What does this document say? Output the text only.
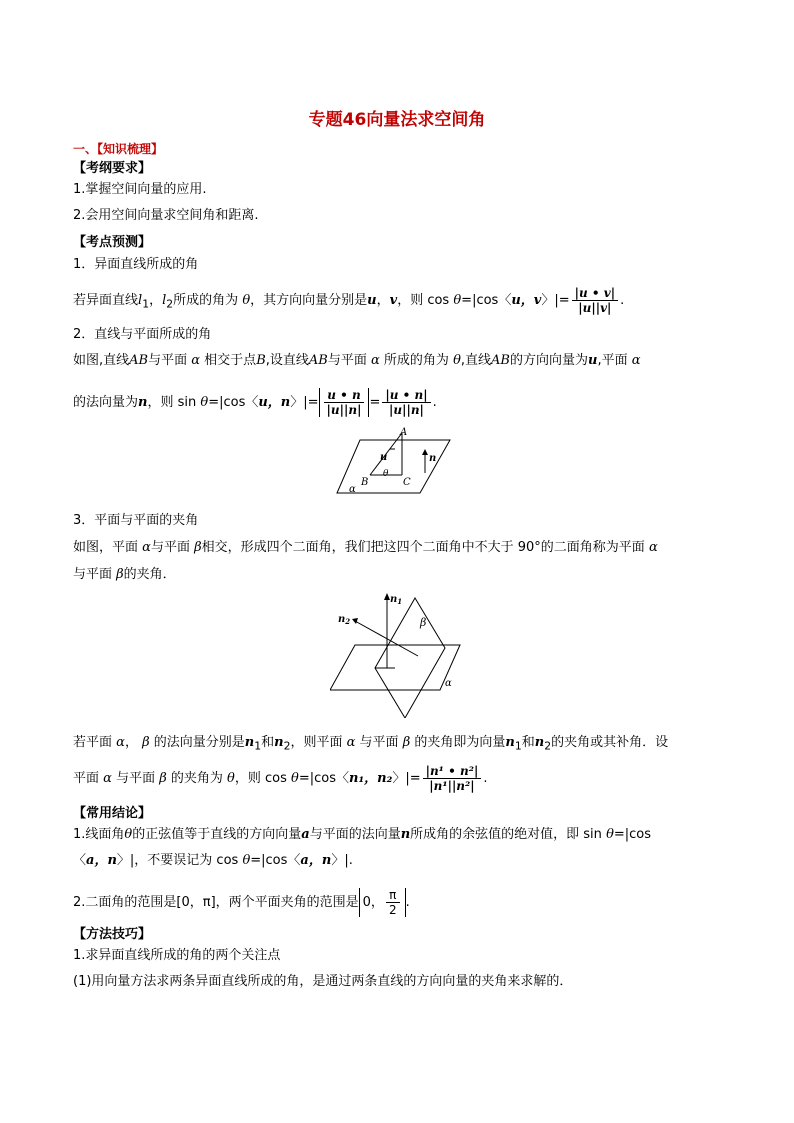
专题46向量法求空间角
一、【知识梳理】
【考纲要求】
1.掌握空间向量的应用.
2.会用空间向量求空间角和距离.
【考点预测】
1．异面直线所成的角
若异面直线$l_1$，$l_2$所成的角为 θ，其方向向量分别是u，v，则 cos θ=|cos〈u，v〉|= $\frac{|u • v|}{|u||v|}$ .
2．直线与平面所成的角
如图,直线AB与平面 α 相交于点B,设直线AB与平面 α 所成的角为 θ,直线AB的方向向量为u,平面 α
的法向量为n，则 sin θ=|cos〈u，n〉|= $\frac{u • n}{|u||n|} = \frac{|u • n|}{|u||n|}$ .
A
u	n
θ
B	C
α
3．平面与平面的夹角
如图，平面 α与平面 β相交，形成四个二面角，我们把这四个二面角中不大于 90°的二面角称为平面 α
与平面 β的夹角．
$n_1$
$n_2$	β
α
若平面 α， β 的法向量分别是$n_1$和$n_2$，则平面 α 与平面 β 的夹角即为向量$n_1$和$n_2$的夹角或其补角．设
平面 α 与平面 β 的夹角为 θ，则 cos θ=|cos〈n₁，n₂〉|= $\frac{\text{|n¹ • n²|}}{\text{|n¹||n²|}}$ .
【常用结论】
1.线面角θ的正弦值等于直线的方向向量a与平面的法向量n所成角的余弦值的绝对值，即 sin θ=|cos
〈a，n〉|，不要误记为 cos θ=|cos〈a，n〉|.
2.二面角的范围是[0，π]，两个平面夹角的范围是 0， $\frac{\pi}{2}$ .
【方法技巧】
1.求异面直线所成的角的两个关注点
(1)用向量方法求两条异面直线所成的角，是通过两条直线的方向向量的夹角来求解的．
